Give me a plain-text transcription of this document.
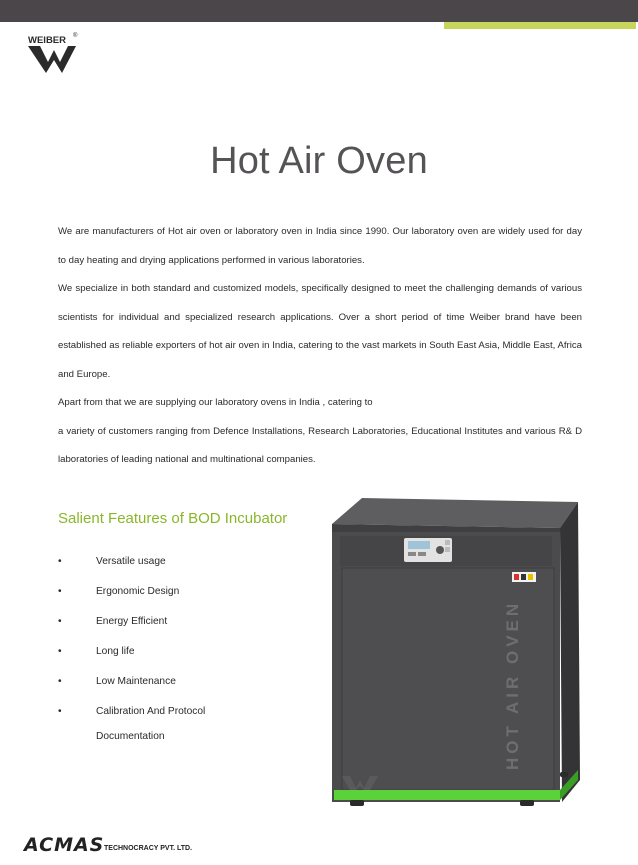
WEIBER ®
Hot Air Oven

We are manufacturers of Hot air oven or laboratory oven in India since 1990. Our laboratory oven are widely used for day to day heating and drying applications performed in various laboratories.

We specialize in both standard and customized models, specifically designed to meet the challenging demands of various scientists for individual and specialized research applications. Over a short period of time Weiber brand have been established as reliable exporters of hot air oven in India, catering to the vast markets in South East Asia, Middle East, Africa and Europe.

Apart from that we are supplying our laboratory ovens in India , catering to

a variety of customers ranging from Defence Installations, Research Laboratories, Educational Institutes and various R& D laboratories of leading national and multinational companies.

Salient Features of BOD Incubator
•	Versatile usage
•	Ergonomic Design
•	Energy Efficient
•	Long life
•	Low Maintenance
•	Calibration And Protocol
Documentation	HOT AIR OVEN
ACMAS TECHNOCRACY PVT. LTD.
